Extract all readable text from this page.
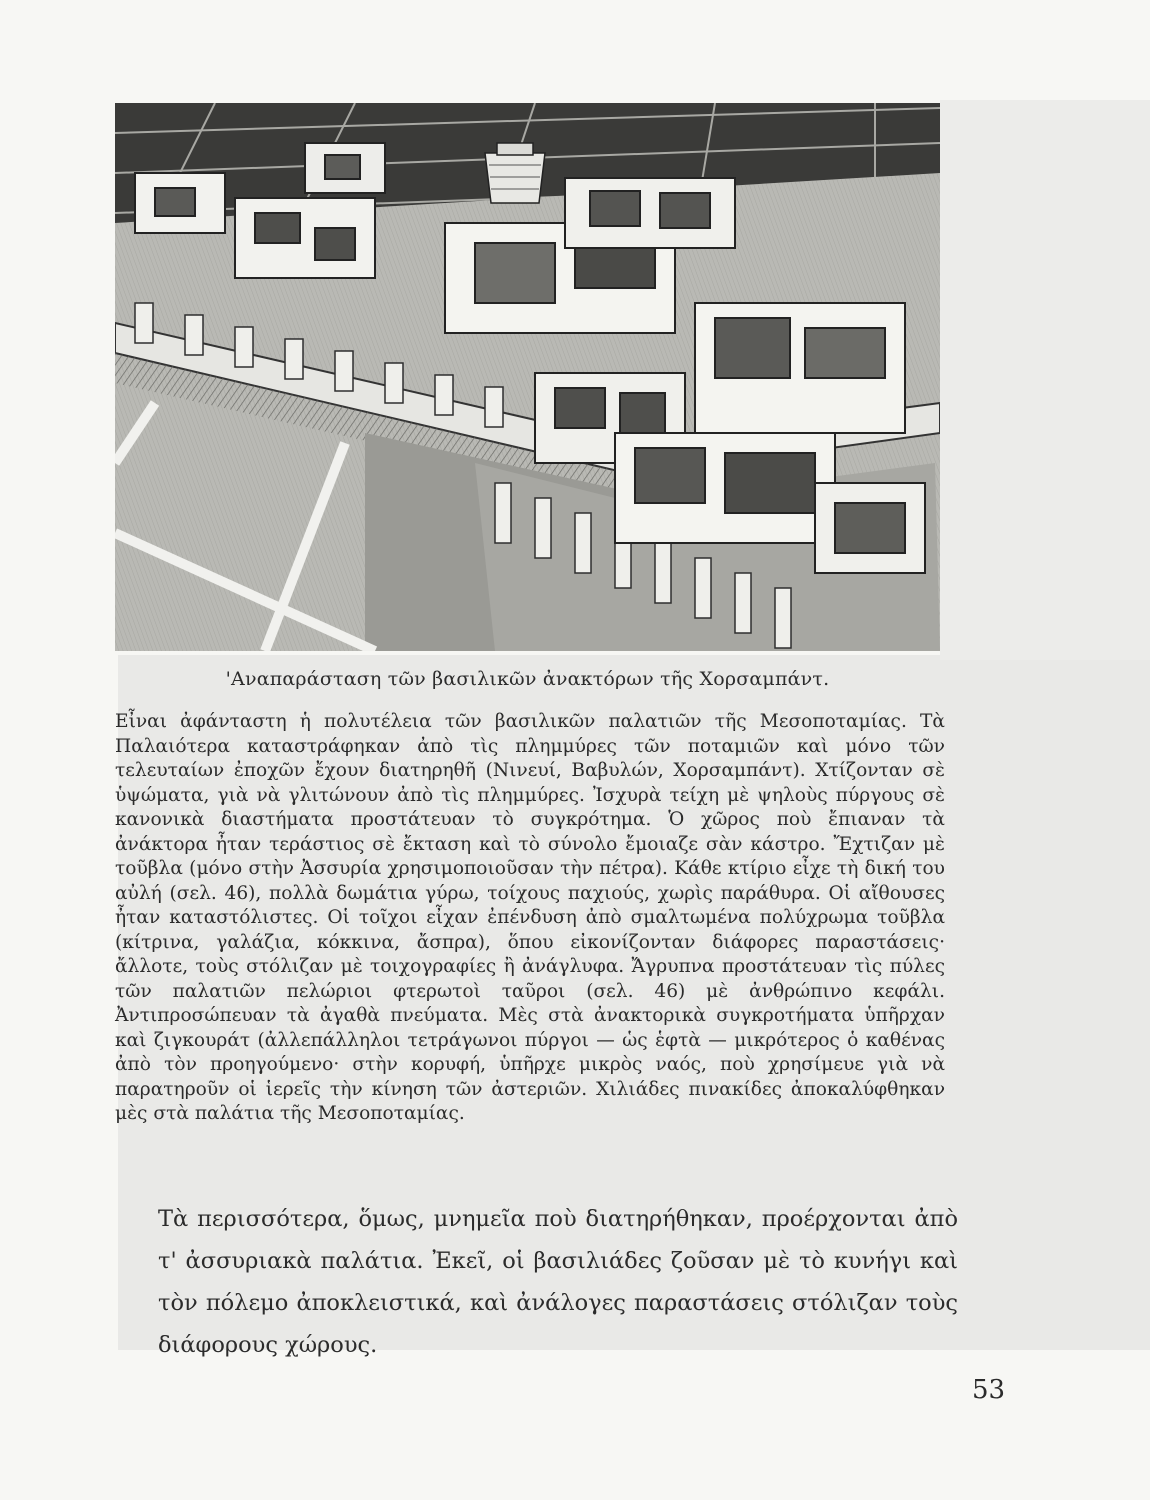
'Αναπαράσταση τῶν βασιλικῶν ἀνακτόρων τῆς Χορσαμπάντ.

Εἶναι ἀφάνταστη ἡ πολυτέλεια τῶν βασιλικῶν παλατιῶν τῆς Μεσοποταμίας. Τὰ Παλαιότερα καταστράφηκαν ἀπὸ τὶς πλημμύρες τῶν ποταμιῶν καὶ μόνο τῶν τελευταίων ἐποχῶν ἔχουν διατηρηθῆ (Νινευί, Βαβυλών, Χορσαμπάντ). Χτίζονταν σὲ ὑψώματα, γιὰ νὰ γλιτώνουν ἀπὸ τὶς πλημμύρες. Ἰσχυρὰ τείχη μὲ ψηλοὺς πύργους σὲ κανονικὰ διαστήματα προστάτευαν τὸ συγκρότημα. Ὁ χῶρος ποὺ ἔπιαναν τὰ ἀνάκτορα ἦταν τεράστιος σὲ ἔκταση καὶ τὸ σύνολο ἔμοιαζε σὰν κάστρο. Ἔχτιζαν μὲ τοῦβλα (μόνο στὴν Ἀσσυρία χρησιμοποιοῦσαν τὴν πέτρα). Κάθε κτίριο εἶχε τὴ δική του αὐλή (σελ. 46), πολλὰ δωμάτια γύρω, τοίχους παχιούς, χωρὶς παράθυρα. Οἱ αἴθουσες ἦταν καταστόλιστες. Οἱ τοῖχοι εἶχαν ἐπένδυση ἀπὸ σμαλτωμένα πολύχρωμα τοῦβλα (κίτρινα, γαλάζια, κόκκινα, ἄσπρα), ὅπου εἰκονίζονταν διάφορες παραστάσεις· ἄλλοτε, τοὺς στόλιζαν μὲ τοιχογραφίες ἢ ἀνάγλυφα. Ἄγρυπνα προστάτευαν τὶς πύλες τῶν παλατιῶν πελώριοι φτερωτοὶ ταῦροι (σελ. 46) μὲ ἀνθρώπινο κεφάλι. Ἀντιπροσώπευαν τὰ ἀγαθὰ πνεύματα. Μὲς στὰ ἀνακτορικὰ συγκροτήματα ὑπῆρχαν καὶ ζιγκουράτ (ἀλλεπάλληλοι τετράγωνοι πύργοι — ὡς ἑφτὰ — μικρότερος ὁ καθένας ἀπὸ τὸν προηγούμενο· στὴν κορυφή, ὑπῆρχε μικρὸς ναός, ποὺ χρησίμευε γιὰ νὰ παρατηροῦν οἱ ἱερεῖς τὴν κίνηση τῶν ἀστεριῶν. Χιλιάδες πινακίδες ἀποκαλύφθηκαν μὲς στὰ παλάτια τῆς Μεσοποταμίας.

Τὰ περισσότερα, ὅμως, μνημεῖα ποὺ διατηρήθηκαν, προέρχονται ἀπὸ τ' ἀσσυριακὰ παλάτια. Ἐκεῖ, οἱ βασιλιάδες ζοῦσαν μὲ τὸ κυνήγι καὶ τὸν πόλεμο ἀποκλειστικά, καὶ ἀνάλογες παραστάσεις στόλιζαν τοὺς διάφορους χώρους.

53
